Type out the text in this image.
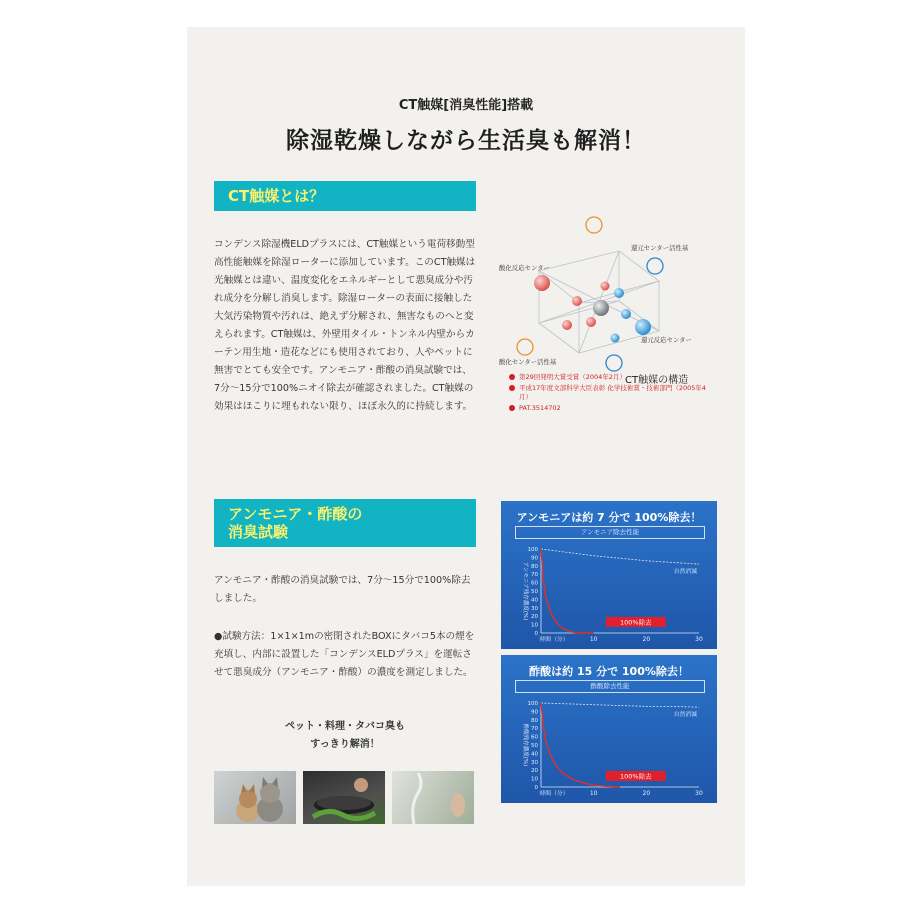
CT触媒[消臭性能]搭載
除湿乾燥しながら生活臭も解消！
CT触媒とは？
コンデンス除湿機ELDプラスには、CT触媒という電荷移動型高性能触媒を除湿ローターに添加しています。このCT触媒は光触媒とは違い、温度変化をエネルギーとして悪臭成分や汚れ成分を分解し消臭します。除湿ローターの表面に接触した大気汚染物質や汚れは、絶えず分解され、無害なものへと変えられます。CT触媒は、外壁用タイル・トンネル内壁からカーテン用生地・造花などにも使用されており、人やペットに無害でとても安全です。アンモニア・酢酸の消臭試験では、7分〜15分で100%ニオイ除去が確認されました。CT触媒の効果はほこりに埋もれない限り、ほぼ永久的に持続します。
還元センター活性基
酸化反応センター
還元反応センター
酸化センター活性基
CT触媒の構造
第29回発明大賞受賞（2004年2月）
平成17年度文部科学大臣表彰 化学技術賞・技術部門（2005年4月）
PAT.3514702
アンモニア・酢酸の
消臭試験
アンモニア・酢酸の消臭試験では、7分〜15分で100%除去しました。
●試験方法：1×1×1mの密閉されたBOXにタバコ5本の煙を充填し、内部に設置した「コンデンスELDプラス」を運転させて悪臭成分（アンモニア・酢酸）の濃度を測定しました。
ペット・料理・タバコ臭も
すっきり解消！
アンモニアは約 7 分で 100%除去！
アンモニア除去性能
0
10
20
30
40
50
60
70
80
90
100
10	20	30
時間（分）
アンモニア残存濃度(%)	自然消滅
100%除去
酢酸は約 15 分で 100%除去！
酢酸除去性能
0
10
20
30
40
50
60
70
80
90
100
10	20	30
時間（分）
酢酸残存濃度(%)
自然消滅
100%除去
